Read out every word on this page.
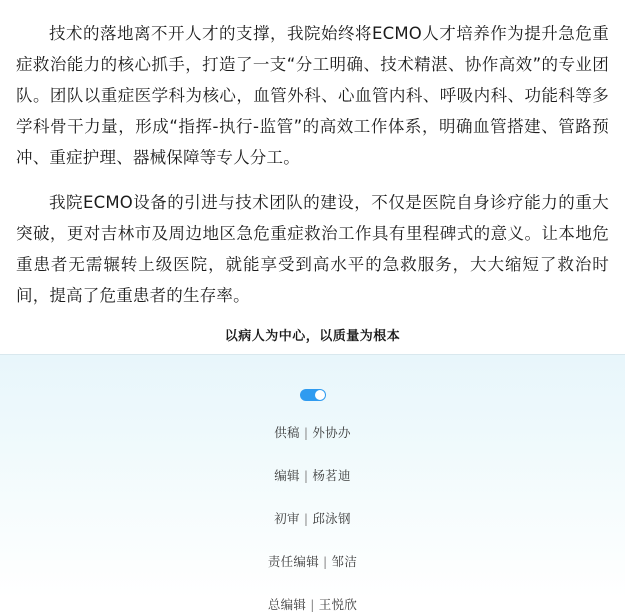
技术的落地离不开人才的支撑，我院始终将ECMO人才培养作为提升急危重症救治能力的核心抓手，打造了一支“分工明确、技术精湛、协作高效”的专业团队。团队以重症医学科为核心，血管外科、心血管内科、呼吸内科、功能科等多学科骨干力量，形成“指挥-执行-监管”的高效工作体系，明确血管搭建、管路预冲、重症护理、器械保障等专人分工。

我院ECMO设备的引进与技术团队的建设，不仅是医院自身诊疗能力的重大突破，更对吉林市及周边地区急危重症救治工作具有里程碑式的意义。让本地危重患者无需辗转上级医院，就能享受到高水平的急救服务，大大缩短了救治时间，提高了危重患者的生存率。

以病人为中心，以质量为根本
供稿 | 外协办
编辑 | 杨茗迪
初审 | 邱泳钢
责任编辑 | 邹洁
总编辑 | 王悦欣
